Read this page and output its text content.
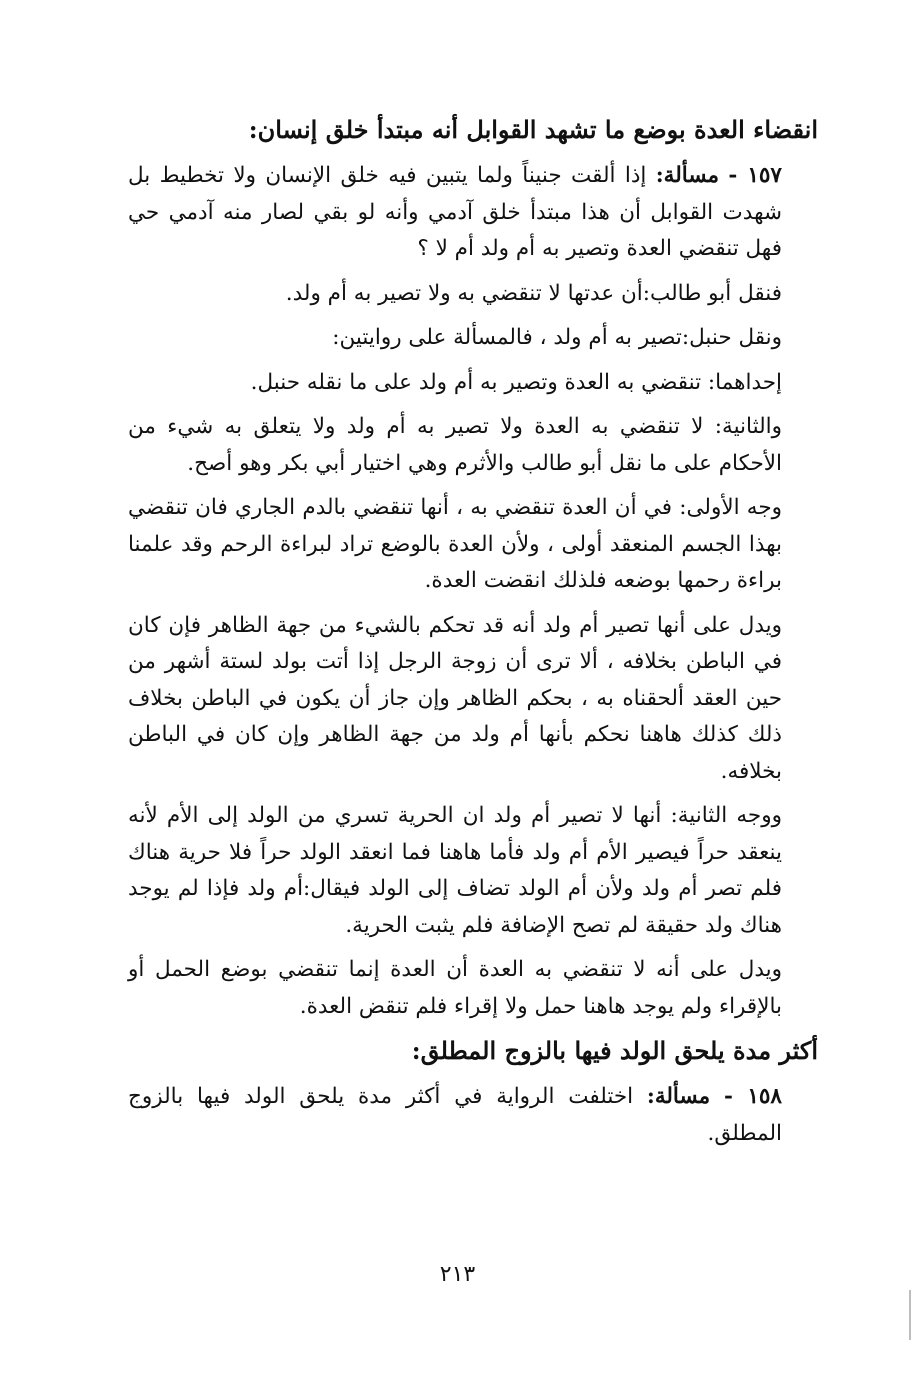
انقضاء العدة بوضع ما تشهد القوابل أنه مبتدأ خلق إنسان:

١٥٧ - مسألة: إذا ألقت جنيناً ولما يتبين فيه خلق الإنسان ولا تخطيط بل شهدت القوابل أن هذا مبتدأ خلق آدمي وأنه لو بقي لصار منه آدمي حي فهل تنقضي العدة وتصير به أم ولد أم لا ؟

فنقل أبو طالب:أن عدتها لا تنقضي به ولا تصير به أم ولد.

ونقل حنبل:تصير به أم ولد ، فالمسألة على روايتين:

إحداهما: تنقضي به العدة وتصير به أم ولد على ما نقله حنبل.

والثانية: لا تنقضي به العدة ولا تصير به أم ولد ولا يتعلق به شيء من الأحكام على ما نقل أبو طالب والأثرم وهي اختيار أبي بكر وهو أصح.

وجه الأولى: في أن العدة تنقضي به ، أنها تنقضي بالدم الجاري فان تنقضي بهذا الجسم المنعقد أولى ، ولأن العدة بالوضع تراد لبراءة الرحم وقد علمنا براءة رحمها بوضعه فلذلك انقضت العدة.

ويدل على أنها تصير أم ولد أنه قد تحكم بالشيء من جهة الظاهر فإن كان في الباطن بخلافه ، ألا ترى أن زوجة الرجل إذا أتت بولد لستة أشهر من حين العقد ألحقناه به ، بحكم الظاهر وإن جاز أن يكون في الباطن بخلاف ذلك كذلك هاهنا نحكم بأنها أم ولد من جهة الظاهر وإن كان في الباطن بخلافه.

ووجه الثانية: أنها لا تصير أم ولد ان الحرية تسري من الولد إلى الأم لأنه ينعقد حراً فيصير الأم أم ولد فأما هاهنا فما انعقد الولد حراً فلا حرية هناك فلم تصر أم ولد ولأن أم الولد تضاف إلى الولد فيقال:أم ولد فإذا لم يوجد هناك ولد حقيقة لم تصح الإضافة فلم يثبت الحرية.

ويدل على أنه لا تنقضي به العدة أن العدة إنما تنقضي بوضع الحمل أو بالإقراء ولم يوجد هاهنا حمل ولا إقراء فلم تنقض العدة.

أكثر مدة يلحق الولد فيها بالزوج المطلق:

١٥٨ - مسألة: اختلفت الرواية في أكثر مدة يلحق الولد فيها بالزوج المطلق.

٢١٣
